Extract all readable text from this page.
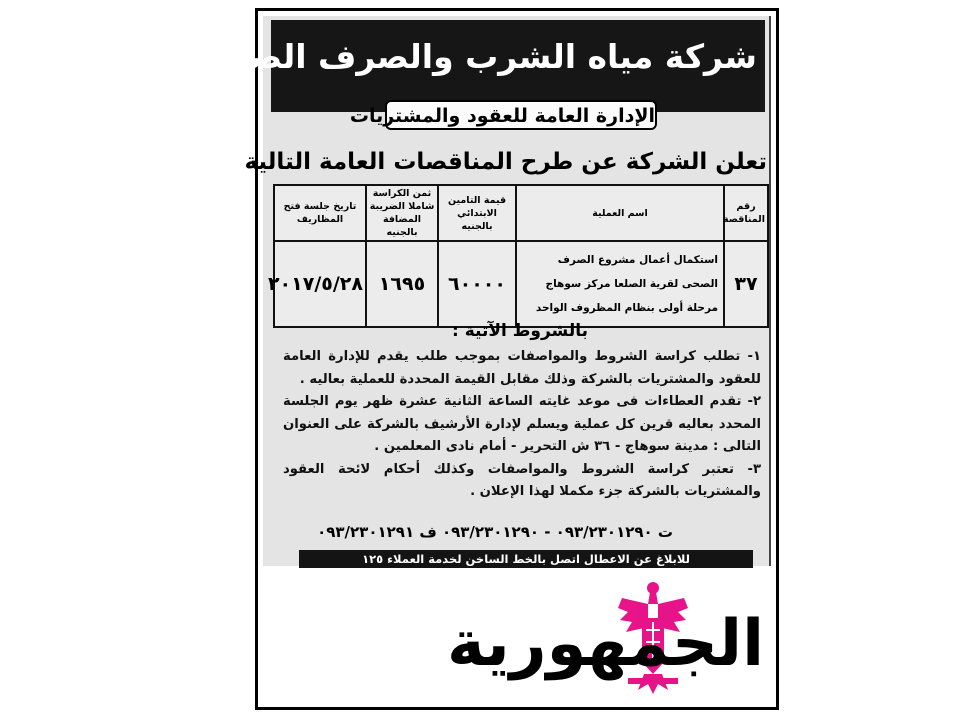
شركة مياه الشرب والصرف الصحى بسوهاج
الإدارة العامة للعقود والمشتريات
تعلن الشركة عن طرح المناقصات العامة التالية
رقم المناقصة	اسم العملية	قيمة التامين الابتدائي بالجنيه	ثمن الكراسة شاملا الضريبة المضافة بالجنيه	تاريخ جلسة فتح المظاريف
٣٧	استكمال أعمال مشروع الصرف الصحى لقرية الصلعا مركز سوهاج مرحلة أولى بنظام المظروف الواحد	٦٠٠٠٠	١٦٩٥	٢٠١٧/٥/٢٨
بالشروط الآتية :

١- تطلب كراسة الشروط والمواصفات بموجب طلب يقدم للإدارة العامة للعقود والمشتريات بالشركة وذلك مقابل القيمة المحددة للعملية بعاليه .

٢- تقدم العطاءات فى موعد غايته الساعة الثانية عشرة ظهر يوم الجلسة المحدد بعاليه قرين كل عملية ويسلم لإدارة الأرشيف بالشركة على العنوان التالى : مدينة سوهاج - ٣٦ ش التحرير - أمام نادى المعلمين .

٣- تعتبر كراسة الشروط والمواصفات وكذلك أحكام لائحة العقود والمشتريات بالشركة جزء مكملا لهذا الإعلان .

ت ٠٩٣/٢٣٠١٢٩٠ - ٠٩٣/٢٣٠١٢٩٠ ف ٠٩٣/٢٣٠١٢٩١
للابلاغ عن الاعطال اتصل بالخط الساخن لخدمة العملاء ١٢٥
الجمهورية
